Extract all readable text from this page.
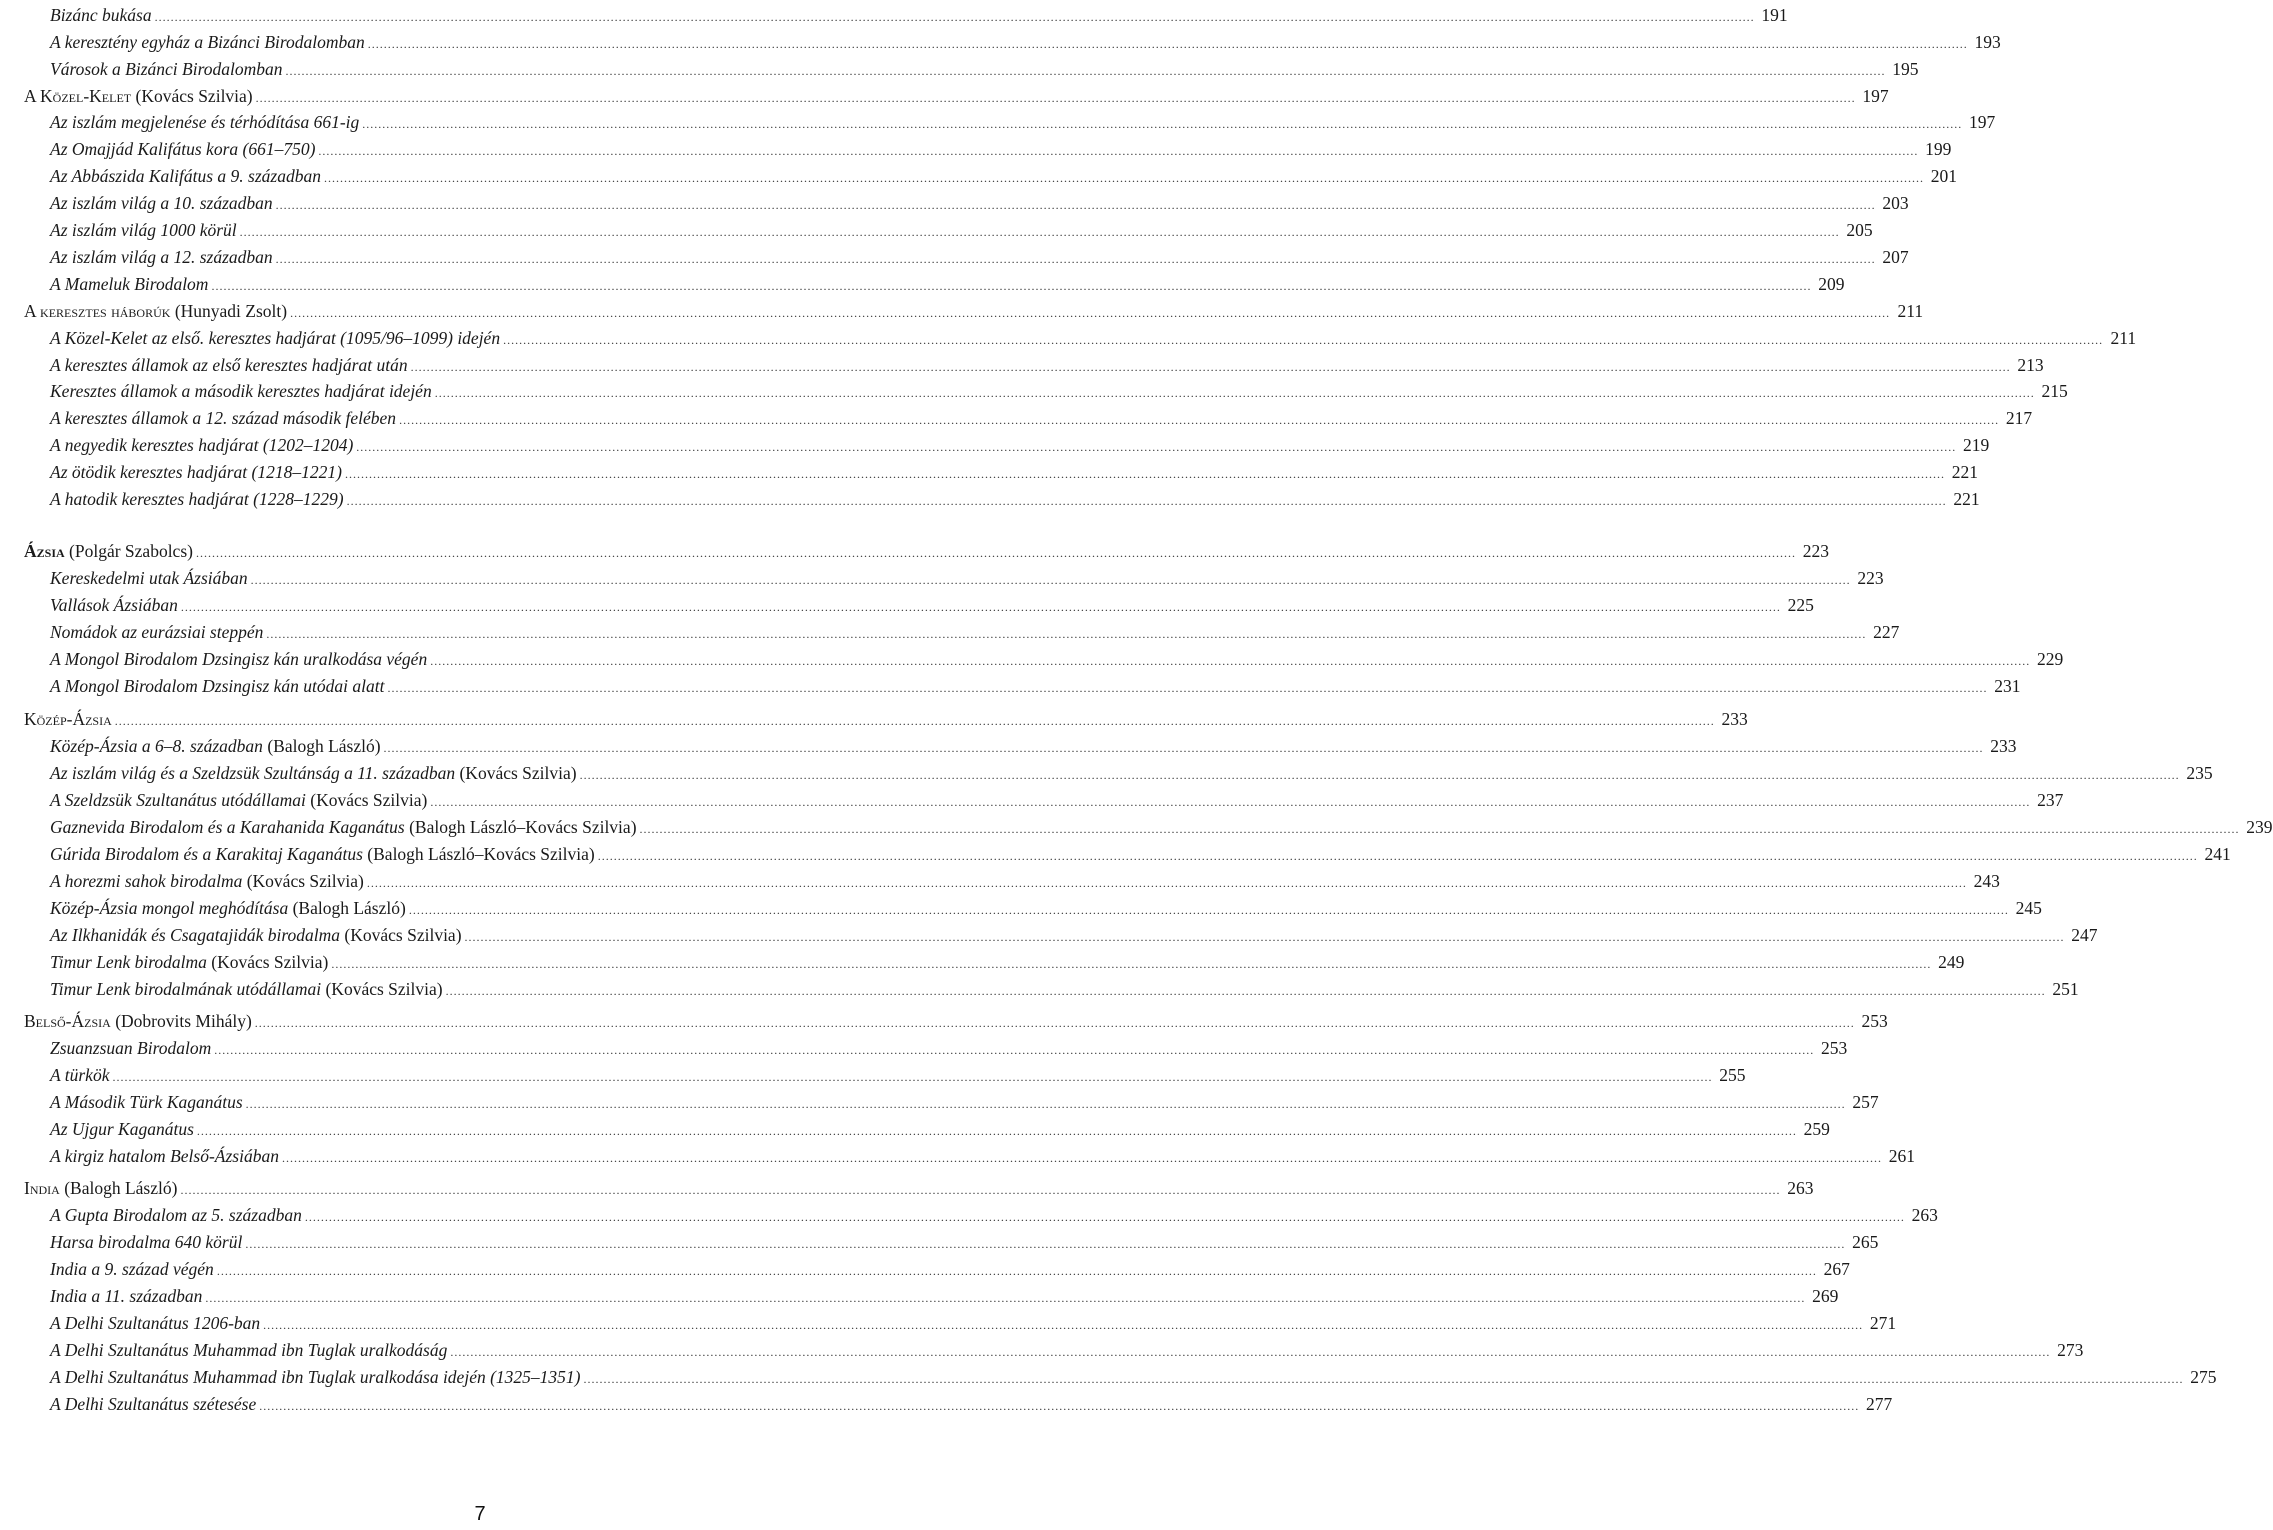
Bizánc bukása ................................................................................................................................................................................................................................................................................................................................................................................................................ 191
A keresztény egyház a Bizánci Birodalomban ................................................................................................................................................................................................................................................................................................................................................................................................................ 193
Városok a Bizánci Birodalomban ................................................................................................................................................................................................................................................................................................................................................................................................................ 195
A Közel-Kelet (Kovács Szilvia) ................................................................................................................................................................................................................................................................................................................................................................................................................ 197
Az iszlám megjelenése és térhódítása 661-ig ................................................................................................................................................................................................................................................................................................................................................................................................................ 197
Az Omajjád Kalifátus kora (661–750) ................................................................................................................................................................................................................................................................................................................................................................................................................ 199
Az Abbászida Kalifátus a 9. században ................................................................................................................................................................................................................................................................................................................................................................................................................ 201
Az iszlám világ a 10. században ................................................................................................................................................................................................................................................................................................................................................................................................................ 203
Az iszlám világ 1000 körül ................................................................................................................................................................................................................................................................................................................................................................................................................ 205
Az iszlám világ a 12. században ................................................................................................................................................................................................................................................................................................................................................................................................................ 207
A Mameluk Birodalom ................................................................................................................................................................................................................................................................................................................................................................................................................ 209
A keresztes háborúk (Hunyadi Zsolt) ................................................................................................................................................................................................................................................................................................................................................................................................................ 211
A Közel-Kelet az első. keresztes hadjárat (1095/96–1099) idején ................................................................................................................................................................................................................................................................................................................................................................................................................ 211
A keresztes államok az első keresztes hadjárat után ................................................................................................................................................................................................................................................................................................................................................................................................................ 213
Keresztes államok a második keresztes hadjárat idején ................................................................................................................................................................................................................................................................................................................................................................................................................ 215
A keresztes államok a 12. század második felében ................................................................................................................................................................................................................................................................................................................................................................................................................ 217
A negyedik keresztes hadjárat (1202–1204) ................................................................................................................................................................................................................................................................................................................................................................................................................ 219
Az ötödik keresztes hadjárat (1218–1221) ................................................................................................................................................................................................................................................................................................................................................................................................................ 221
A hatodik keresztes hadjárat (1228–1229) ................................................................................................................................................................................................................................................................................................................................................................................................................ 221
Ázsia (Polgár Szabolcs) ................................................................................................................................................................................................................................................................................................................................................................................................................ 223
Kereskedelmi utak Ázsiában ................................................................................................................................................................................................................................................................................................................................................................................................................ 223
Vallások Ázsiában ................................................................................................................................................................................................................................................................................................................................................................................................................ 225
Nomádok az eurázsiai steppén ................................................................................................................................................................................................................................................................................................................................................................................................................ 227
A Mongol Birodalom Dzsingisz kán uralkodása végén ................................................................................................................................................................................................................................................................................................................................................................................................................ 229
A Mongol Birodalom Dzsingisz kán utódai alatt ................................................................................................................................................................................................................................................................................................................................................................................................................ 231
Közép-Ázsia ................................................................................................................................................................................................................................................................................................................................................................................................................ 233
Közép-Ázsia a 6–8. században (Balogh László) ................................................................................................................................................................................................................................................................................................................................................................................................................ 233
Az iszlám világ és a Szeldzsük Szultánság a 11. században (Kovács Szilvia) ................................................................................................................................................................................................................................................................................................................................................................................................................ 235
A Szeldzsük Szultanátus utódállamai (Kovács Szilvia) ................................................................................................................................................................................................................................................................................................................................................................................................................ 237
Gaznevida Birodalom és a Karahanida Kaganátus (Balogh László–Kovács Szilvia) ................................................................................................................................................................................................................................................................................................................................................................................................................ 239
Gúrida Birodalom és a Karakitaj Kaganátus (Balogh László–Kovács Szilvia) ................................................................................................................................................................................................................................................................................................................................................................................................................ 241
A horezmi sahok birodalma (Kovács Szilvia) ................................................................................................................................................................................................................................................................................................................................................................................................................ 243
Közép-Ázsia mongol meghódítása (Balogh László) ................................................................................................................................................................................................................................................................................................................................................................................................................ 245
Az Ilkhanidák és Csagatajidák birodalma (Kovács Szilvia) ................................................................................................................................................................................................................................................................................................................................................................................................................ 247
Timur Lenk birodalma (Kovács Szilvia) ................................................................................................................................................................................................................................................................................................................................................................................................................ 249
Timur Lenk birodalmának utódállamai (Kovács Szilvia) ................................................................................................................................................................................................................................................................................................................................................................................................................ 251
Belső-Ázsia (Dobrovits Mihály) ................................................................................................................................................................................................................................................................................................................................................................................................................ 253
Zsuanzsuan Birodalom ................................................................................................................................................................................................................................................................................................................................................................................................................ 253
A türkök ................................................................................................................................................................................................................................................................................................................................................................................................................ 255
A Második Türk Kaganátus ................................................................................................................................................................................................................................................................................................................................................................................................................ 257
Az Ujgur Kaganátus ................................................................................................................................................................................................................................................................................................................................................................................................................ 259
A kirgiz hatalom Belső-Ázsiában ................................................................................................................................................................................................................................................................................................................................................................................................................ 261
India (Balogh László) ................................................................................................................................................................................................................................................................................................................................................................................................................ 263
A Gupta Birodalom az 5. században ................................................................................................................................................................................................................................................................................................................................................................................................................ 263
Harsa birodalma 640 körül ................................................................................................................................................................................................................................................................................................................................................................................................................ 265
India a 9. század végén ................................................................................................................................................................................................................................................................................................................................................................................................................ 267
India a 11. században ................................................................................................................................................................................................................................................................................................................................................................................................................ 269
A Delhi Szultanátus 1206-ban ................................................................................................................................................................................................................................................................................................................................................................................................................ 271
A Delhi Szultanátus Muhammad ibn Tuglak uralkodáság ................................................................................................................................................................................................................................................................................................................................................................................................................ 273
A Delhi Szultanátus Muhammad ibn Tuglak uralkodása idején (1325–1351) ................................................................................................................................................................................................................................................................................................................................................................................................................ 275
A Delhi Szultanátus szétesése ................................................................................................................................................................................................................................................................................................................................................................................................................ 277
7
